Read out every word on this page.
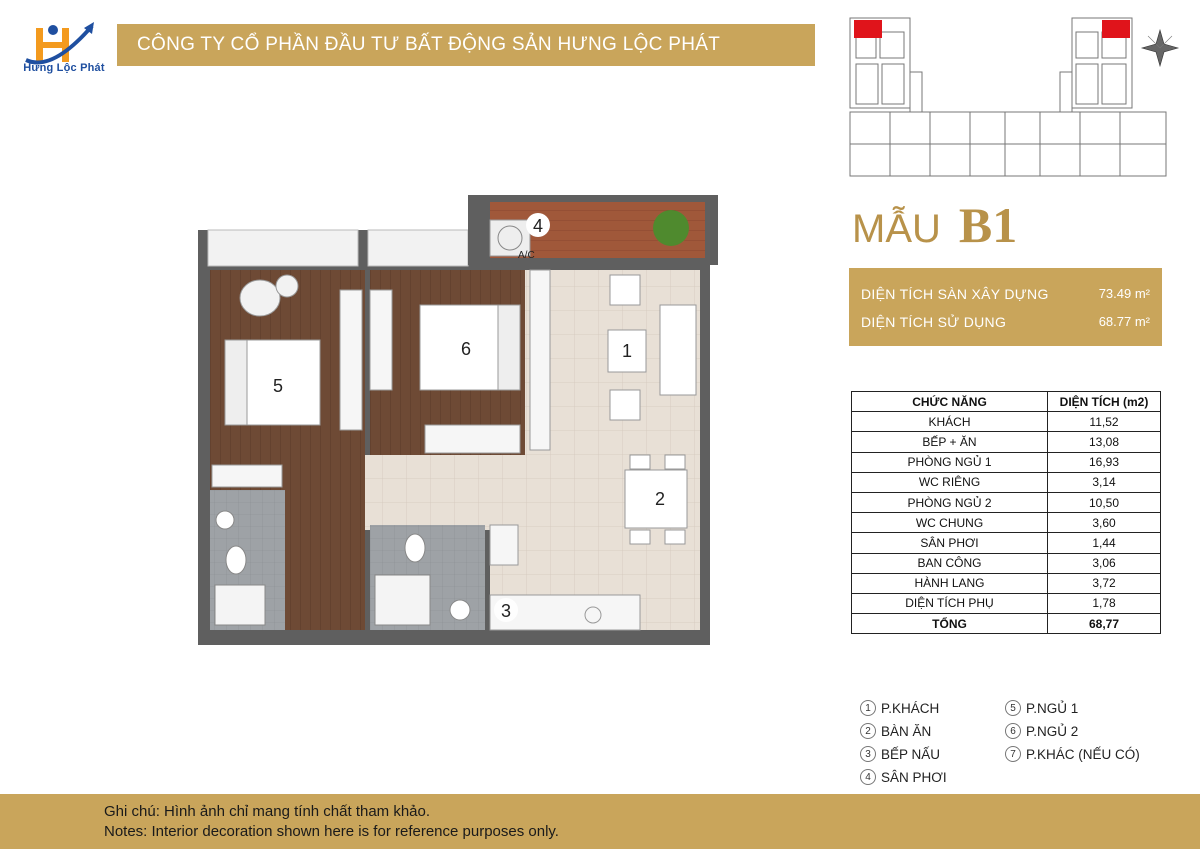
Hưng Lộc Phát
CÔNG TY CỔ PHẦN ĐẦU TƯ BẤT ĐỘNG SẢN HƯNG LỘC PHÁT
MẪU B1
DIỆN TÍCH SÀN XÂY DỰNG	73.49 m²
DIỆN TÍCH SỬ DỤNG	68.77 m²
CHỨC NĂNG	DIỆN TÍCH (m2)
KHÁCH	11,52
BẾP + ĂN	13,08
PHÒNG NGỦ 1	16,93
WC RIÊNG	3,14
PHÒNG NGỦ 2	10,50
WC CHUNG	3,60
SÂN PHƠI	1,44
BAN CÔNG	3,06
HÀNH LANG	3,72
DIỆN TÍCH PHỤ	1,78
TỔNG	68,77
1 P.KHÁCH
2 BÀN ĂN
3 BẾP NẤU
4 SÂN PHƠI
5 P.NGỦ 1
6 P.NGỦ 2
7 P.KHÁC (NẾU CÓ)
1
2
3
4
5
6
A/C
Ghi chú: Hình ảnh chỉ mang tính chất tham khảo.
Notes: Interior decoration shown here is for reference purposes only.
